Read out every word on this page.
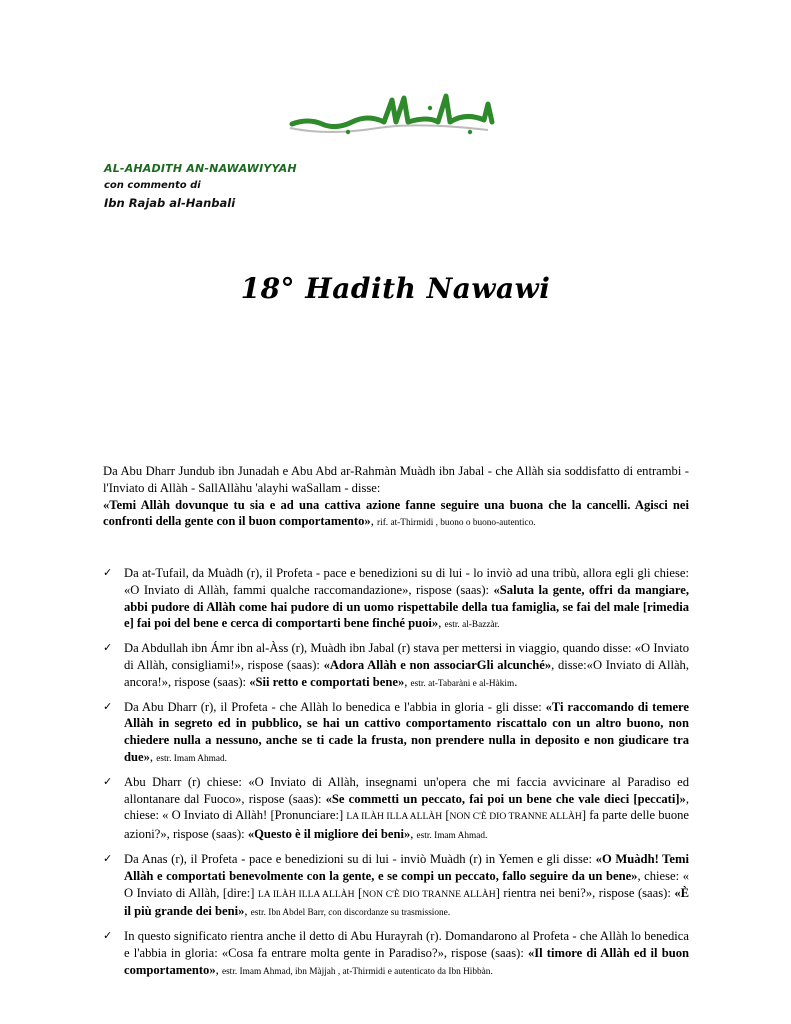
AL-AHADITH AN-NAWAWIYYAH
con commento di
Ibn Rajab al-Hanbali
18° Hadith Nawawi
Da Abu Dharr Jundub ibn Junadah e Abu Abd ar-Rahmàn Muàdh ibn Jabal - che Allàh sia soddisfatto di entrambi - l'Inviato di Allàh - SallAllàhu 'alayhi waSallam - disse:
«Temi Allàh dovunque tu sia e ad una cattiva azione fanne seguire una buona che la cancelli. Agisci nei confronti della gente con il buon comportamento», rif. at-Thirmidi , buono o buono-autentico.
✓ Da at-Tufail, da Muàdh (r), il Profeta - pace e benedizioni su di lui - lo inviò ad una tribù, allora egli gli chiese: «O Inviato di Allàh, fammi qualche raccomandazione», rispose (saas): «Saluta la gente, offri da mangiare, abbi pudore di Allàh come hai pudore di un uomo rispettabile della tua famiglia, se fai del male [rimedia e] fai poi del bene e cerca di comportarti bene finché puoi», estr. al-Bazzàr.
✓ Da Abdullah ibn Ámr ibn al-Àss (r), Muàdh ibn Jabal (r) stava per mettersi in viaggio, quando disse: «O Inviato di Allàh, consigliami!», rispose (saas): «Adora Allàh e non associarGli alcunché», disse:«O Inviato di Allàh, ancora!», rispose (saas): «Sii retto e comportati bene», estr. at-Tabaràni e al-Hàkim.
✓ Da Abu Dharr (r), il Profeta - che Allàh lo benedica e l'abbia in gloria - gli disse: «Ti raccomando di temere Allàh in segreto ed in pubblico, se hai un cattivo comportamento riscattalo con un altro buono, non chiedere nulla a nessuno, anche se ti cade la frusta, non prendere nulla in deposito e non giudicare tra due», estr. Imam Ahmad.
✓ Abu Dharr (r) chiese: «O Inviato di Allàh, insegnami un'opera che mi faccia avvicinare al Paradiso ed allontanare dal Fuoco», rispose (saas): «Se commetti un peccato, fai poi un bene che vale dieci [peccati]», chiese: « O Inviato di Allàh! [Pronunciare:] LA ILÀH ILLA ALLÀH [NON C'È DIO TRANNE ALLÀH] fa parte delle buone azioni?», rispose (saas): «Questo è il migliore dei beni», estr. Imam Ahmad.
✓ Da Anas (r), il Profeta - pace e benedizioni su di lui - inviò Muàdh (r) in Yemen e gli disse: «O Muàdh! Temi Allàh e comportati benevolmente con la gente, e se compi un peccato, fallo seguire da un bene», chiese: « O Inviato di Allàh, [dire:] LA ILÀH ILLA ALLÀH [NON C'È DIO TRANNE ALLÀH] rientra nei beni?», rispose (saas): «È il più grande dei beni», estr. Ibn Abdel Barr, con discordanze su trasmissione.
✓ In questo significato rientra anche il detto di Abu Hurayrah (r). Domandarono al Profeta - che Allàh lo benedica e l'abbia in gloria: «Cosa fa entrare molta gente in Paradiso?», rispose (saas): «Il timore di Allàh ed il buon comportamento», estr. Imam Ahmad, ibn Màjjah , at-Thirmidi e autenticato da Ibn Hibbàn.
